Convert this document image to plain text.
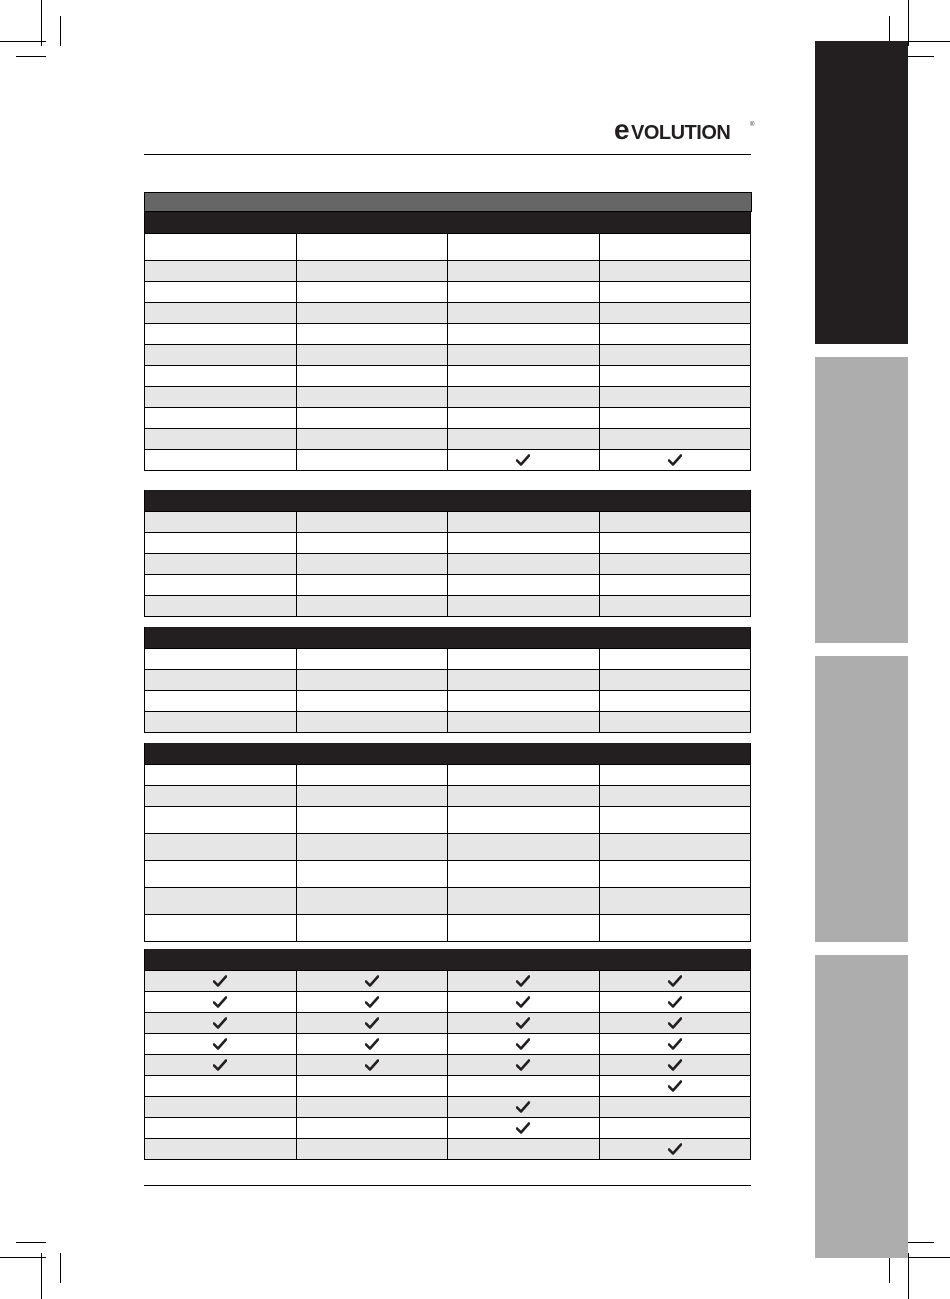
e VOLUTION	®
